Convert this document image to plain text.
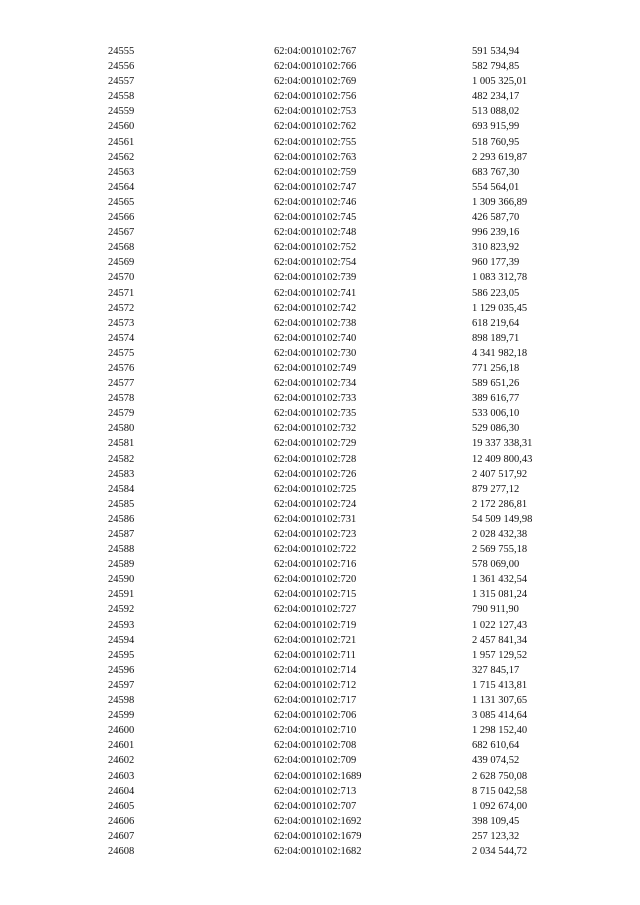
24555	62:04:0010102:767	591 534,94
24556	62:04:0010102:766	582 794,85
24557	62:04:0010102:769	1 005 325,01
24558	62:04:0010102:756	482 234,17
24559	62:04:0010102:753	513 088,02
24560	62:04:0010102:762	693 915,99
24561	62:04:0010102:755	518 760,95
24562	62:04:0010102:763	2 293 619,87
24563	62:04:0010102:759	683 767,30
24564	62:04:0010102:747	554 564,01
24565	62:04:0010102:746	1 309 366,89
24566	62:04:0010102:745	426 587,70
24567	62:04:0010102:748	996 239,16
24568	62:04:0010102:752	310 823,92
24569	62:04:0010102:754	960 177,39
24570	62:04:0010102:739	1 083 312,78
24571	62:04:0010102:741	586 223,05
24572	62:04:0010102:742	1 129 035,45
24573	62:04:0010102:738	618 219,64
24574	62:04:0010102:740	898 189,71
24575	62:04:0010102:730	4 341 982,18
24576	62:04:0010102:749	771 256,18
24577	62:04:0010102:734	589 651,26
24578	62:04:0010102:733	389 616,77
24579	62:04:0010102:735	533 006,10
24580	62:04:0010102:732	529 086,30
24581	62:04:0010102:729	19 337 338,31
24582	62:04:0010102:728	12 409 800,43
24583	62:04:0010102:726	2 407 517,92
24584	62:04:0010102:725	879 277,12
24585	62:04:0010102:724	2 172 286,81
24586	62:04:0010102:731	54 509 149,98
24587	62:04:0010102:723	2 028 432,38
24588	62:04:0010102:722	2 569 755,18
24589	62:04:0010102:716	578 069,00
24590	62:04:0010102:720	1 361 432,54
24591	62:04:0010102:715	1 315 081,24
24592	62:04:0010102:727	790 911,90
24593	62:04:0010102:719	1 022 127,43
24594	62:04:0010102:721	2 457 841,34
24595	62:04:0010102:711	1 957 129,52
24596	62:04:0010102:714	327 845,17
24597	62:04:0010102:712	1 715 413,81
24598	62:04:0010102:717	1 131 307,65
24599	62:04:0010102:706	3 085 414,64
24600	62:04:0010102:710	1 298 152,40
24601	62:04:0010102:708	682 610,64
24602	62:04:0010102:709	439 074,52
24603	62:04:0010102:1689	2 628 750,08
24604	62:04:0010102:713	8 715 042,58
24605	62:04:0010102:707	1 092 674,00
24606	62:04:0010102:1692	398 109,45
24607	62:04:0010102:1679	257 123,32
24608	62:04:0010102:1682	2 034 544,72
